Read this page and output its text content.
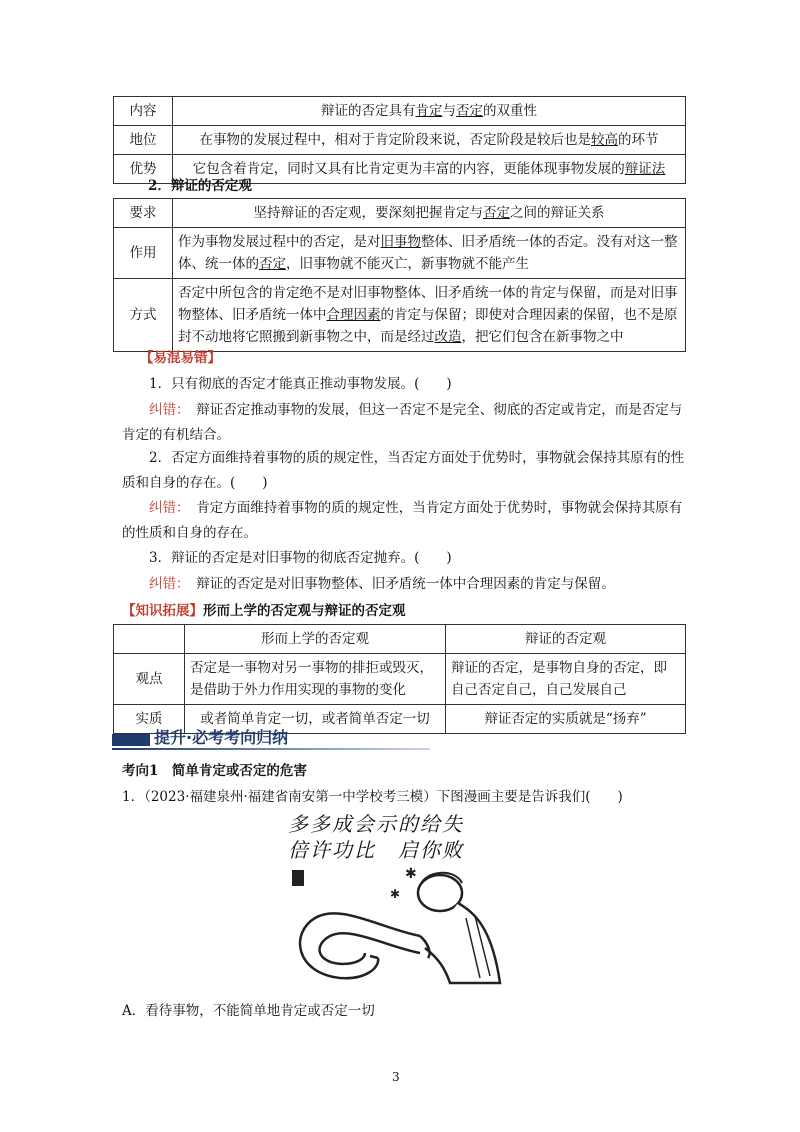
内容	辩证的否定具有肯定与否定的双重性
地位	在事物的发展过程中，相对于肯定阶段来说，否定阶段是较后也是较高的环节
优势	它包含着肯定，同时又具有比肯定更为丰富的内容，更能体现事物发展的辩证法
2．辩证的否定观
要求	坚持辩证的否定观，要深刻把握肯定与否定之间的辩证关系
作用	作为事物发展过程中的否定，是对旧事物整体、旧矛盾统一体的否定。没有对这一整体、统一体的否定，旧事物就不能灭亡，新事物就不能产生
方式	否定中所包含的肯定绝不是对旧事物整体、旧矛盾统一体的肯定与保留，而是对旧事物整体、旧矛盾统一体中合理因素的肯定与保留；即使对合理因素的保留，也不是原封不动地将它照搬到新事物之中，而是经过改造，把它们包含在新事物之中
【易混易错】
1．只有彻底的否定才能真正推动事物发展。(　　)
纠错：　 辩证否定推动事物的发展，但这一否定不是完全、彻底的否定或肯定，而是否定与肯定的有机结合。
2．否定方面维持着事物的质的规定性，当否定方面处于优势时，事物就会保持其原有的性质和自身的存在。(　　)
纠错：　 肯定方面维持着事物的质的规定性，当肯定方面处于优势时，事物就会保持其原有的性质和自身的存在。
3．辩证的否定是对旧事物的彻底否定抛弃。(　　)
纠错：　 辩证的否定是对旧事物整体、旧矛盾统一体中合理因素的肯定与保留。
【知识拓展】形而上学的否定观与辩证的否定观
	形而上学的否定观	辩证的否定观
观点	否定是一事物对另一事物的排拒或毁灭，是借助于外力作用实现的事物的变化	辩证的否定，是事物自身的否定，即自己否定自己，自己发展自己
实质	或者简单肯定一切，或者简单否定一切	辩证否定的实质就是“扬弃”
提升·必考考向归纳
考向1　简单肯定或否定的危害
1．（2023·福建泉州·福建省南安第一中学校考三模）下图漫画主要是告诉我们(　　)
多多成会示的给失
倍许功比　启你败
✱
✱
A．看待事物，不能简单地肯定或否定一切
3
